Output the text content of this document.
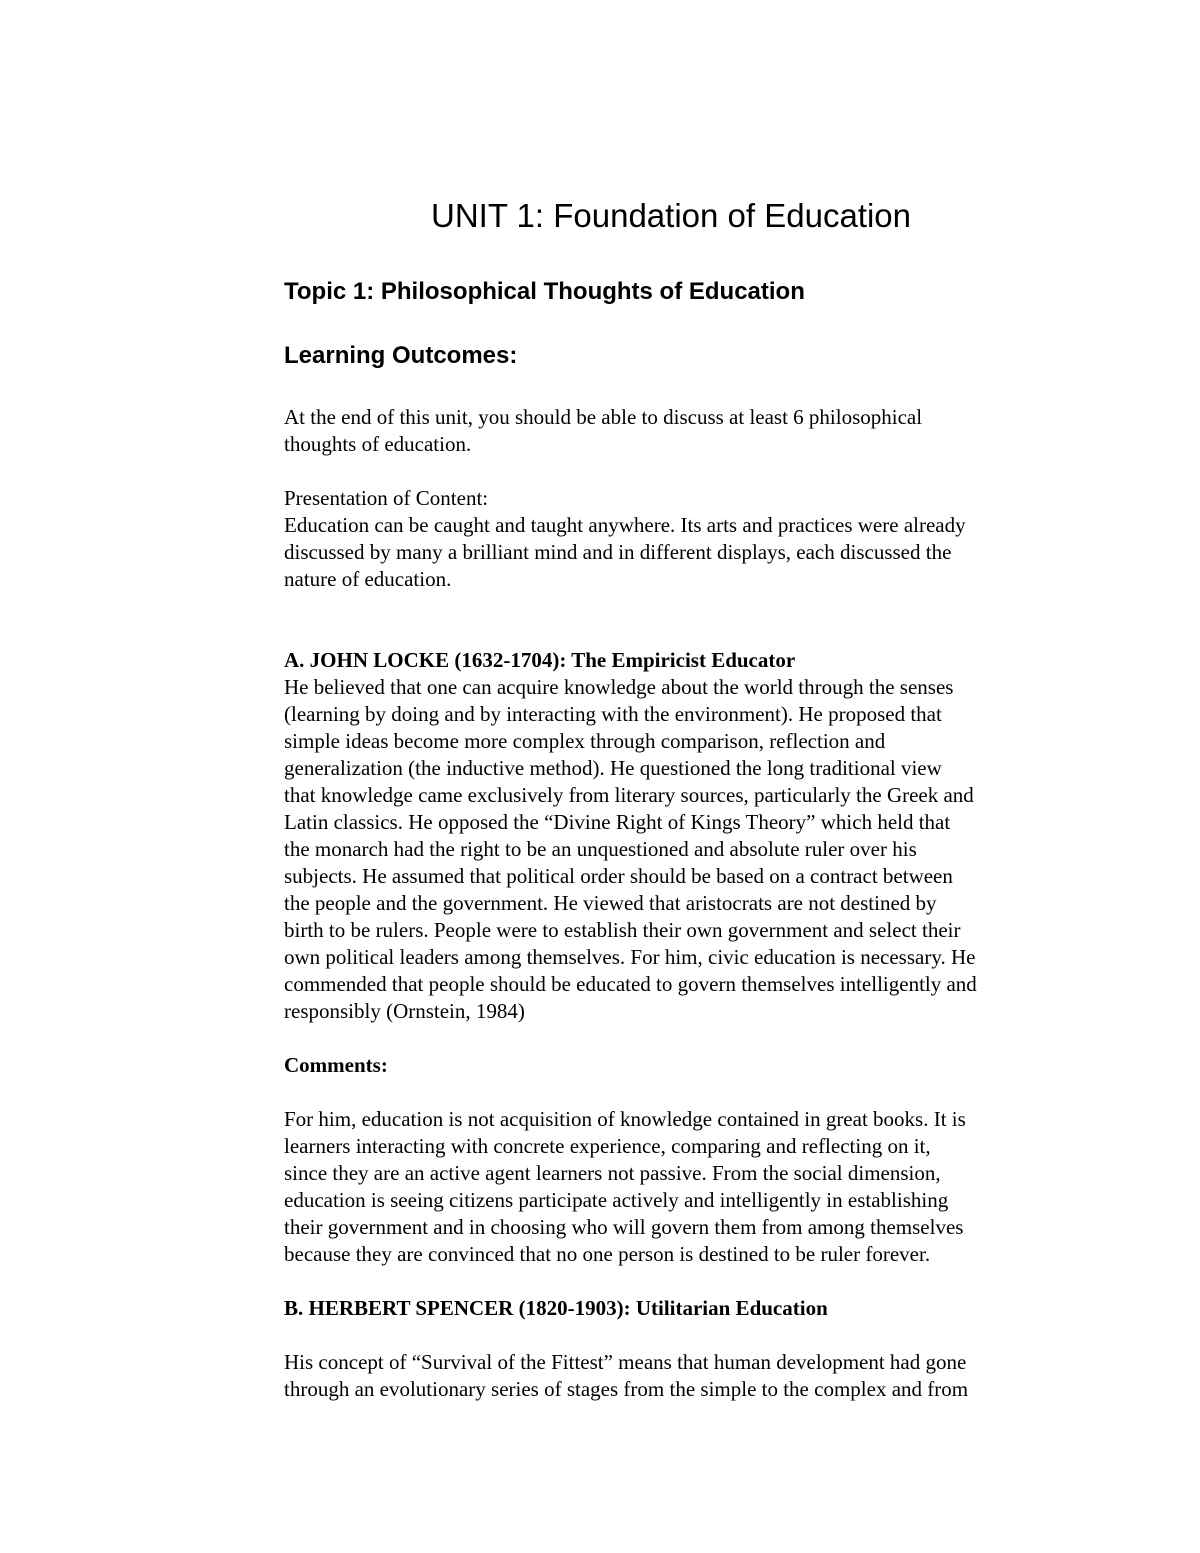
UNIT 1: Foundation of Education
Topic 1: Philosophical Thoughts of Education
Learning Outcomes:
At the end of this unit, you should be able to discuss at least 6 philosophical
thoughts of education.
Presentation of Content:
Education can be caught and taught anywhere. Its arts and practices were already
discussed by many a brilliant mind and in different displays, each discussed the
nature of education.
A. JOHN LOCKE (1632-1704): The Empiricist Educator
He believed that one can acquire knowledge about the world through the senses
(learning by doing and by interacting with the environment). He proposed that
simple ideas become more complex through comparison, reflection and
generalization (the inductive method). He questioned the long traditional view
that knowledge came exclusively from literary sources, particularly the Greek and
Latin classics. He opposed the “Divine Right of Kings Theory” which held that
the monarch had the right to be an unquestioned and absolute ruler over his
subjects. He assumed that political order should be based on a contract between
the people and the government. He viewed that aristocrats are not destined by
birth to be rulers. People were to establish their own government and select their
own political leaders among themselves. For him, civic education is necessary. He
commended that people should be educated to govern themselves intelligently and
responsibly (Ornstein, 1984)
Comments:
For him, education is not acquisition of knowledge contained in great books. It is
learners interacting with concrete experience, comparing and reflecting on it,
since they are an active agent learners not passive. From the social dimension,
education is seeing citizens participate actively and intelligently in establishing
their government and in choosing who will govern them from among themselves
because they are convinced that no one person is destined to be ruler forever.
B. HERBERT SPENCER (1820-1903): Utilitarian Education
His concept of “Survival of the Fittest” means that human development had gone
through an evolutionary series of stages from the simple to the complex and from
